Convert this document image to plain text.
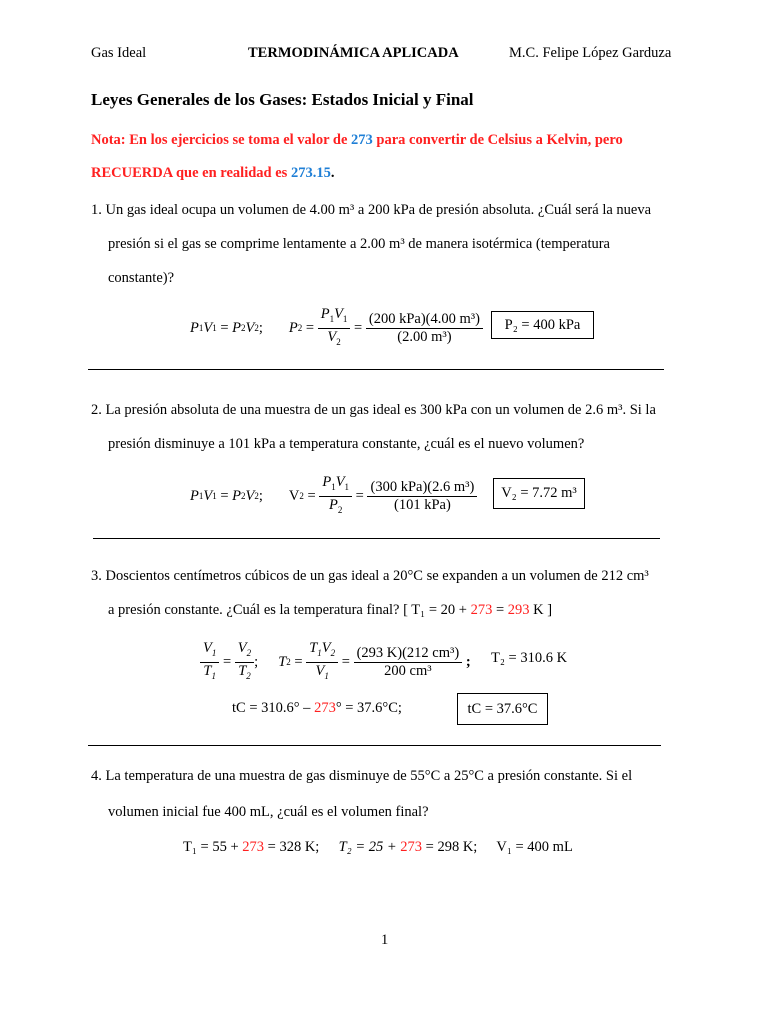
Gas Ideal	TERMODINÁMICA APLICADA	M.C. Felipe López Garduza
Leyes Generales de los Gases: Estados Inicial y Final
Nota: En los ejercicios se toma el valor de 273 para convertir de Celsius a Kelvin, pero
RECUERDA que en realidad es 273.15.
1. Un gas ideal ocupa un volumen de 4.00 m³ a 200 kPa de presión absoluta. ¿Cuál será la nueva
presión si el gas se comprime lentamente a 2.00 m³ de manera isotérmica (temperatura
constante)?
P 1 V 1 = P 2 V 2 ; P $2 = \frac{P_1V_1}{V_2} = \frac{\text{(200 kPa)(4.00 m³)}}{\text{(2.00 m³)}}$	P₂ = 400 kPa
2. La presión absoluta de una muestra de un gas ideal es 300 kPa con un volumen de 2.6 m³. Si la
presión disminuye a 101 kPa a temperatura constante, ¿cuál es el nuevo volumen?
P 1 V 1 = P 2 V 2 ;
V $2 = \frac{P_1V_1}{P_2} = \frac{\text{(300 kPa)(2.6 m³)}}{\text{(101 kPa)}}$	V₂ = 7.72 m³
3. Doscientos centímetros cúbicos de un gas ideal a 20°C se expanden a un volumen de 212 cm³
a presión constante. ¿Cuál es la temperatura final? [ T₁ = 20 + 273 = 293 K ]
$\frac{V_1}{T_1} = \frac{V_2}{T_2}$ ; T $2 = \frac{T_1V_2}{V_1} = \frac{\text{(293 K)(212 cm³)}}{\text{200 cm³}}$ ; T₂ = 310.6 K
tC = 310.6° – 273° = 37.6°C;	tC = 37.6°C
4. La temperatura de una muestra de gas disminuye de 55°C a 25°C a presión constante. Si el
volumen inicial fue 400 mL, ¿cuál es el volumen final?
T₁ = 55 + 273 = 328 K; T₂ = 25 + 273 = 298 K; V₁ = 400 mL
1
